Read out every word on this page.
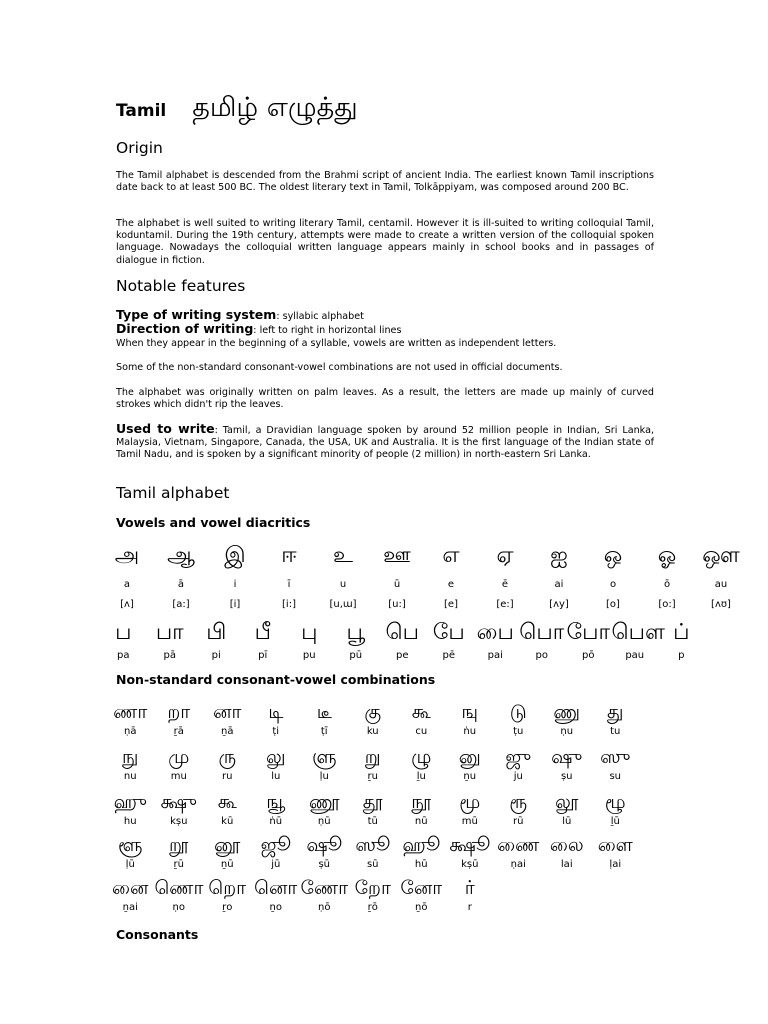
Tamil தமிழ் எழுத்து
Origin

The Tamil alphabet is descended from the Brahmi script of ancient India. The earliest known Tamil inscriptions date back to at least 500 BC. The oldest literary text in Tamil, Tolkāppiyam, was composed around 200 BC.

The alphabet is well suited to writing literary Tamil, centamil. However it is ill-suited to writing colloquial Tamil, koduntamil. During the 19th century, attempts were made to create a written version of the colloquial spoken language. Nowadays the colloquial written language appears mainly in school books and in passages of dialogue in fiction.

Notable features
Type of writing system: syllabic alphabet
Direction of writing: left to right in horizontal lines
When they appear in the beginning of a syllable, vowels are written as independent letters.
Some of the non-standard consonant-vowel combinations are not used in official documents.

The alphabet was originally written on palm leaves. As a result, the letters are made up mainly of curved strokes which didn't rip the leaves.

Used to write: Tamil, a Dravidian language spoken by around 52 million people in Indian, Sri Lanka, Malaysia, Vietnam, Singapore, Canada, the USA, UK and Australia. It is the first language of the Indian state of Tamil Nadu, and is spoken by a significant minority of people (2 million) in north-eastern Sri Lanka.

Tamil alphabet
Vowels and vowel diacritics
அ	ஆ	இ	ஈ	உ	ஊ	எ	ஏ	ஐ	ஒ	ஓ	ஔ
a	ā	i	ī	u	ū	e	ē	ai	o	ō	au
[ʌ]	[a:]	[i]	[i:]	[u,ɯ]	[u:]	[e]	[e:]	[ʌy]	[o]	[o:]	[ʌʊ]
ப	பா	பி	பீ	பு	பூ பெ பே பை பொ போ பௌ ப்
pa	pā	pi	pī	pu	pū	pe	pē	pai	po	pō	pau	p
Non-standard consonant-vowel combinations
ணா	றா	னா	டி	டீ	கு	கூ	ஙு	டு	ணு	து
ṇā	ṟā	ṉā	ṭi	ṭī	ku	cu	ṅu	ṭu	ṇu	tu
நு	மு	ரு	லு	ளு	று	ழு	னு	ஜு	ஷு ஸு
nu	mu	ru	lu	ḷu	ṟu	ḻu	ṉu	ju	ṣu	su
ஹு க்ஷு	கூ	ஙூ	ணூ	தூ	நூ	மூ	ரூ	லூ	ழூ
hu	kṣu	kū	ṅū	ṇū	tū	nū	mū	rū	lū	ḻū
ளூ	றூ	னூ	ஜூ ஷூ ஸூ ஹூ க்ஷூ ணை லை ளை
ḷū	ṟū	ṉū	jū	ṣū	sū	hū	kṣū	ṇai	lai	ḷai
னை ணொ றொ னொ ணோ றோ னோ	ர்
ṉai	ṇo	ṟo	ṉo	ṇō	ṟō	ṉō	r
Consonants
